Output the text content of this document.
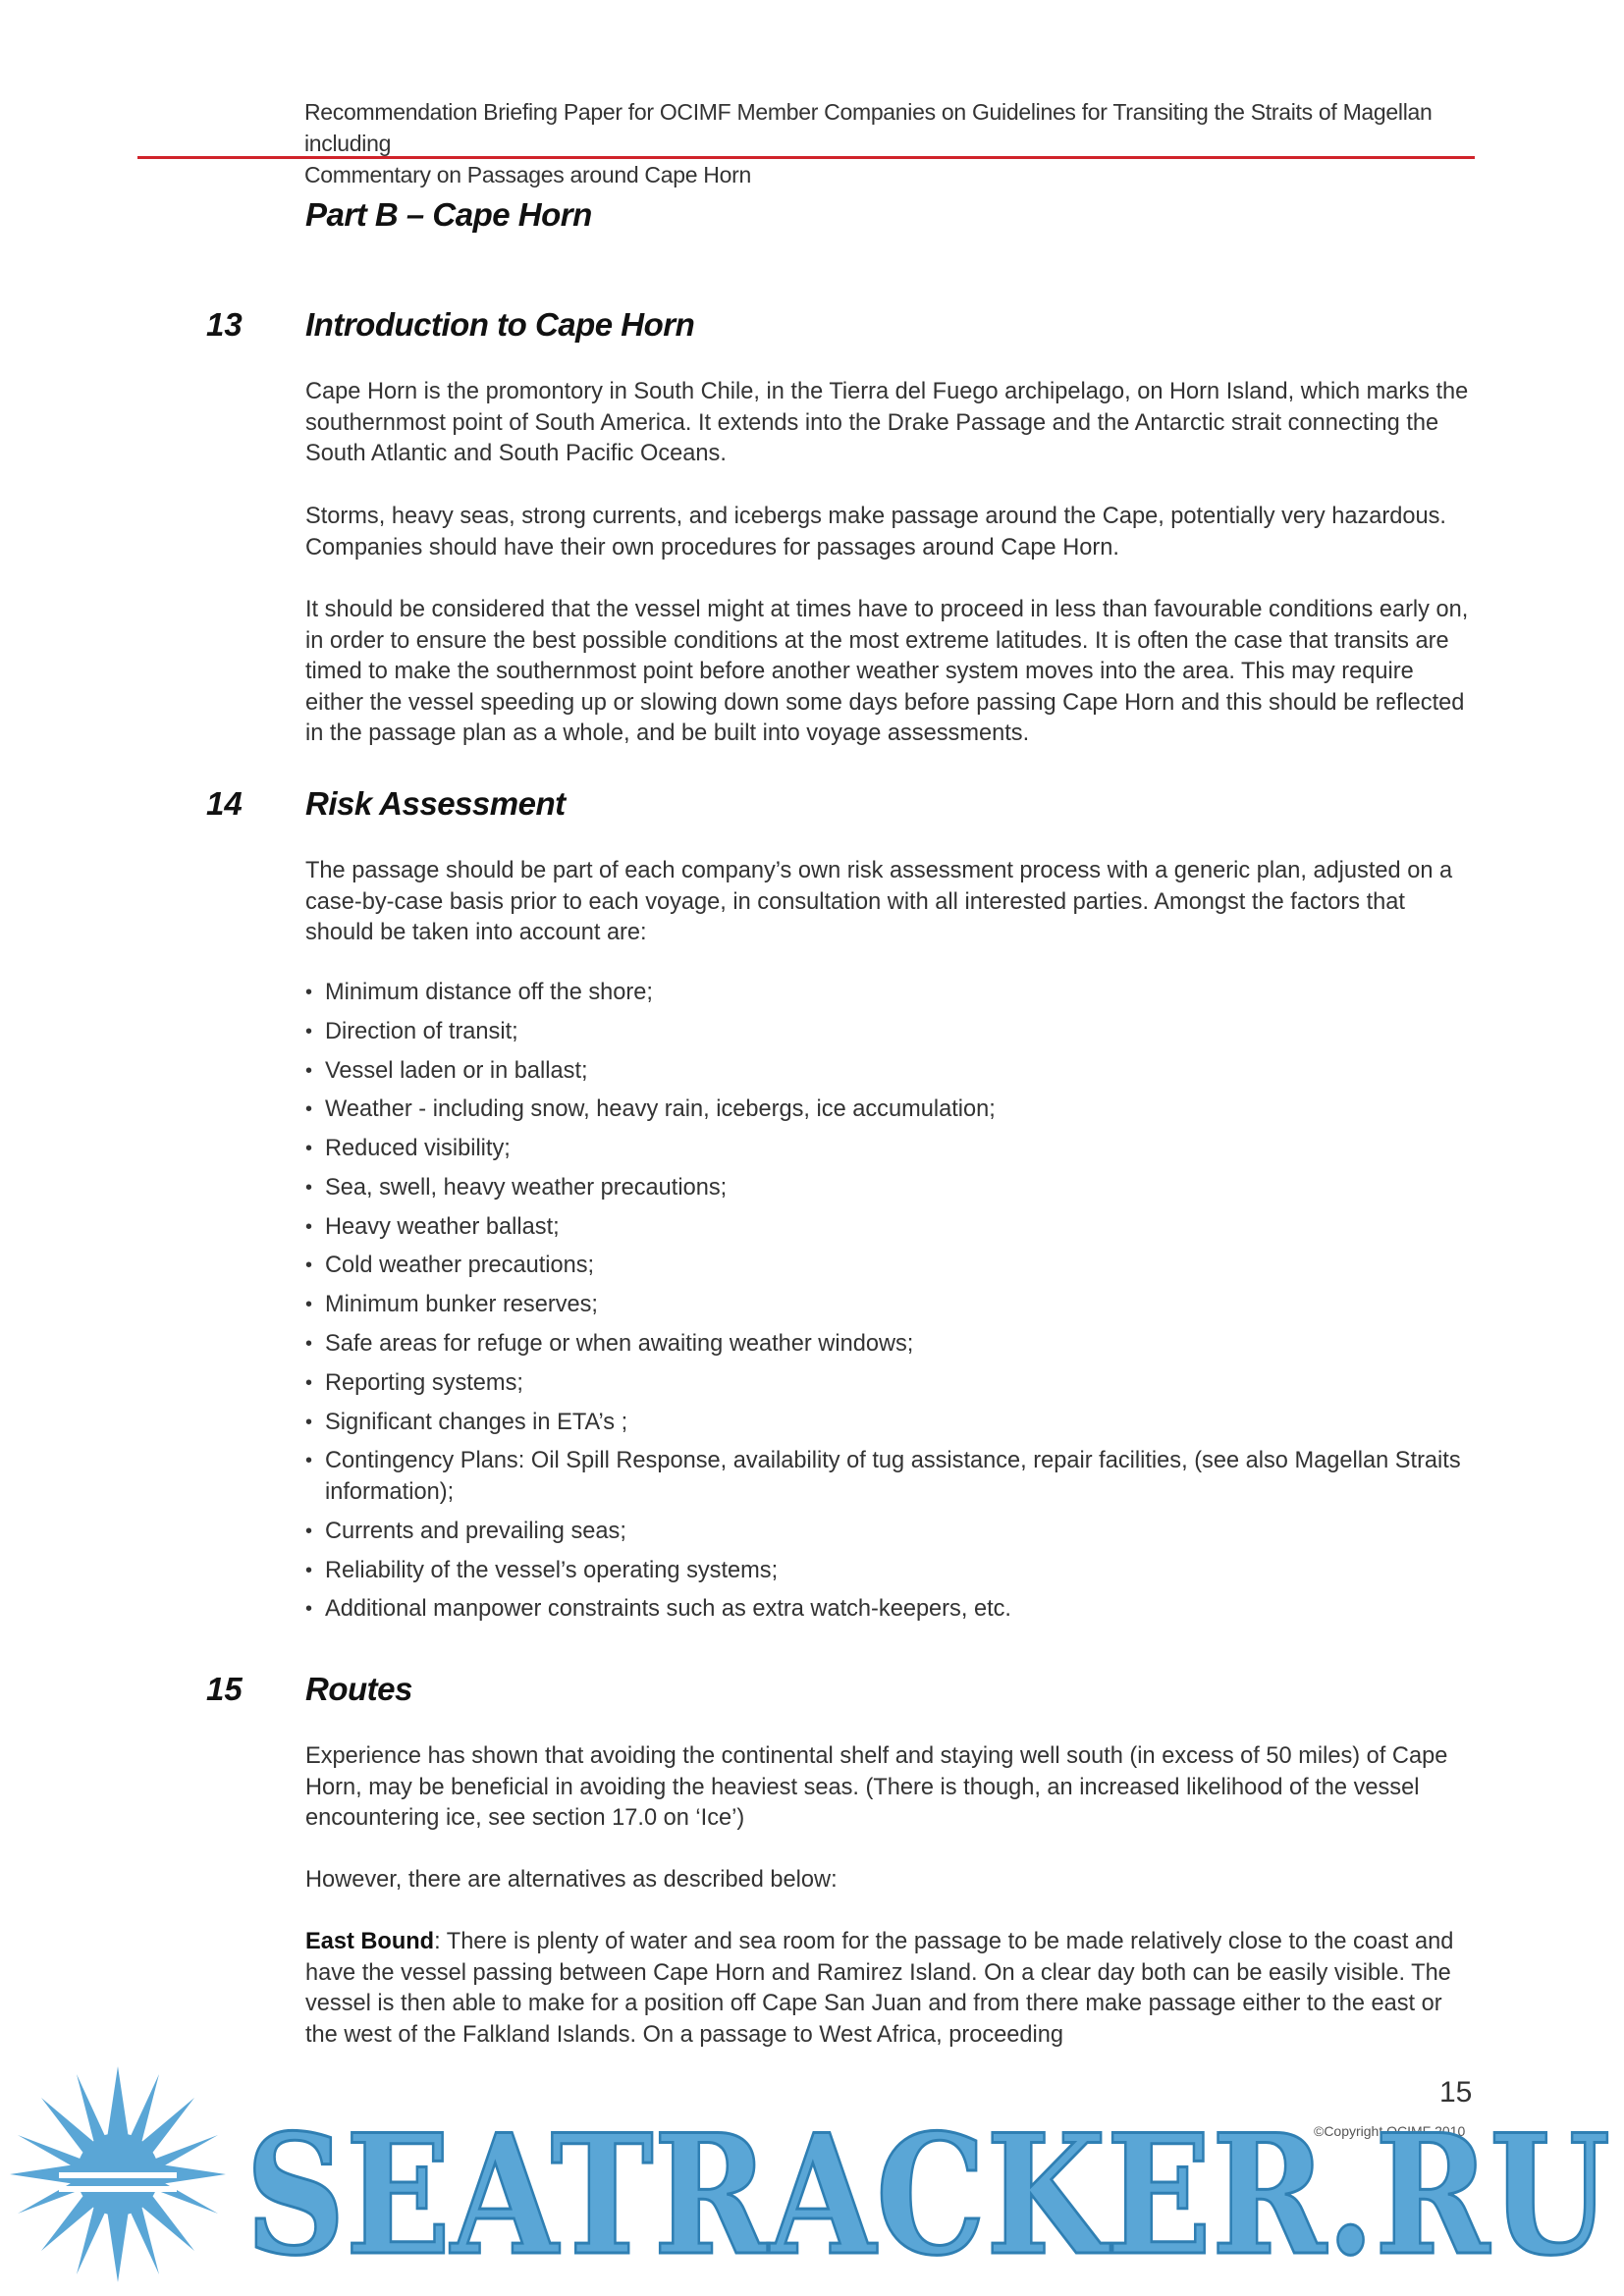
Recommendation Briefing Paper for OCIMF Member Companies on Guidelines for Transiting the Straits of Magellan including
Commentary on Passages around Cape Horn
Part B – Cape Horn
13 Introduction to Cape Horn

Cape Horn is the promontory in South Chile, in the Tierra del Fuego archipelago, on Horn Island, which marks the southernmost point of South America. It extends into the Drake Passage and the Antarctic strait connecting the South Atlantic and South Pacific Oceans.

Storms, heavy seas, strong currents, and icebergs make passage around the Cape, potentially very hazardous. Companies should have their own procedures for passages around Cape Horn.

It should be considered that the vessel might at times have to proceed in less than favourable conditions early on, in order to ensure the best possible conditions at the most extreme latitudes. It is often the case that transits are timed to make the southernmost point before another weather system moves into the area. This may require either the vessel speeding up or slowing down some days before passing Cape Horn and this should be reflected in the passage plan as a whole, and be built into voyage assessments.

14 Risk Assessment

The passage should be part of each company’s own risk assessment process with a generic plan, adjusted on a case-by-case basis prior to each voyage, in consultation with all interested parties. Amongst the factors that should be taken into account are:

• Minimum distance off the shore;
• Direction of transit;
• Vessel laden or in ballast;
• Weather - including snow, heavy rain, icebergs, ice accumulation;
• Reduced visibility;
• Sea, swell, heavy weather precautions;
• Heavy weather ballast;
• Cold weather precautions;
• Minimum bunker reserves;
• Safe areas for refuge or when awaiting weather windows;
• Reporting systems;
• Significant changes in ETA’s ;
• Contingency Plans: Oil Spill Response, availability of tug assistance, repair facilities, (see also Magellan Straits information);
• Currents and prevailing seas;
• Reliability of the vessel’s operating systems;
• Additional manpower constraints such as extra watch-keepers, etc.
15 Routes

Experience has shown that avoiding the continental shelf and staying well south (in excess of 50 miles) of Cape Horn, may be beneficial in avoiding the heaviest seas. (There is though, an increased likelihood of the vessel encountering ice, see section 17.0 on ‘Ice’)

However, there are alternatives as described below:

East Bound: There is plenty of water and sea room for the passage to be made relatively close to the coast and have the vessel passing between Cape Horn and Ramirez Island. On a clear day both can be easily visible. The vessel is then able to make for a position off Cape San Juan and from there make passage either to the east or the west of the Falkland Islands. On a passage to West Africa, proceeding

15
©Copyright OCIMF 2010
SEATRACKER.RU
